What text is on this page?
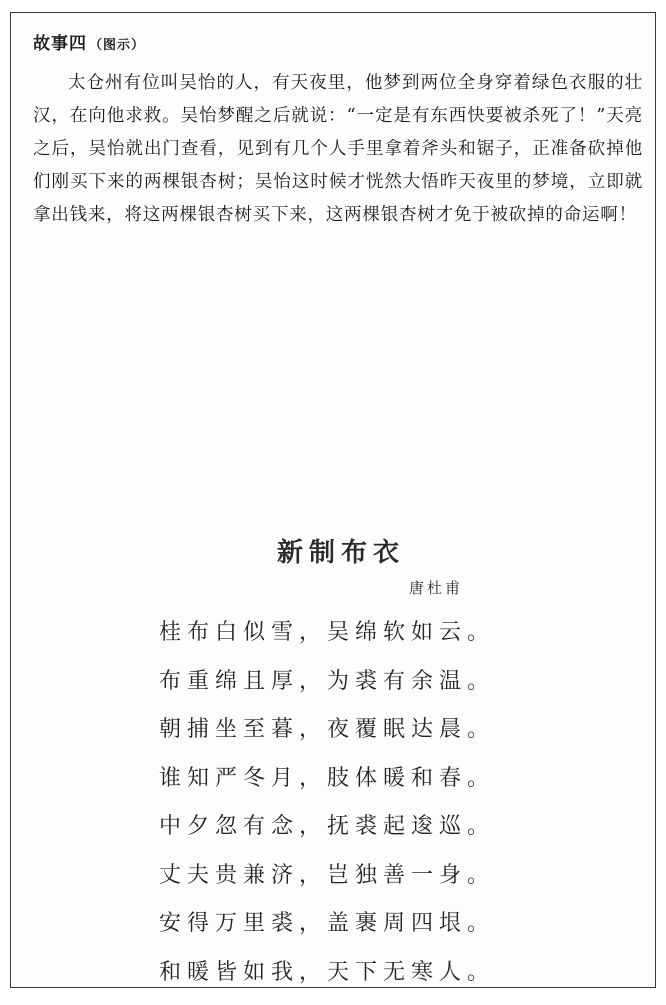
故事四 （图示）

太仓州有位叫吴怡的人，有天夜里，他梦到两位全身穿着绿色衣服的壮汉，在向他求救。吴怡梦醒之后就说：“一定是有东西快要被杀死了！”天亮之后，吴怡就出门查看，见到有几个人手里拿着斧头和锯子，正准备砍掉他们刚买下来的两棵银杏树；吴怡这时候才恍然大悟昨天夜里的梦境，立即就拿出钱来，将这两棵银杏树买下来，这两棵银杏树才免于被砍掉的命运啊！

新制布衣
唐杜甫
桂布白似雪，吴绵软如云。
布重绵且厚，为裘有余温。
朝捕坐至暮，夜覆眠达晨。
谁知严冬月，肢体暖和春。
中夕忽有念，抚裘起逡巡。
丈夫贵兼济，岂独善一身。
安得万里裘，盖裹周四垠。
和暖皆如我，天下无寒人。
